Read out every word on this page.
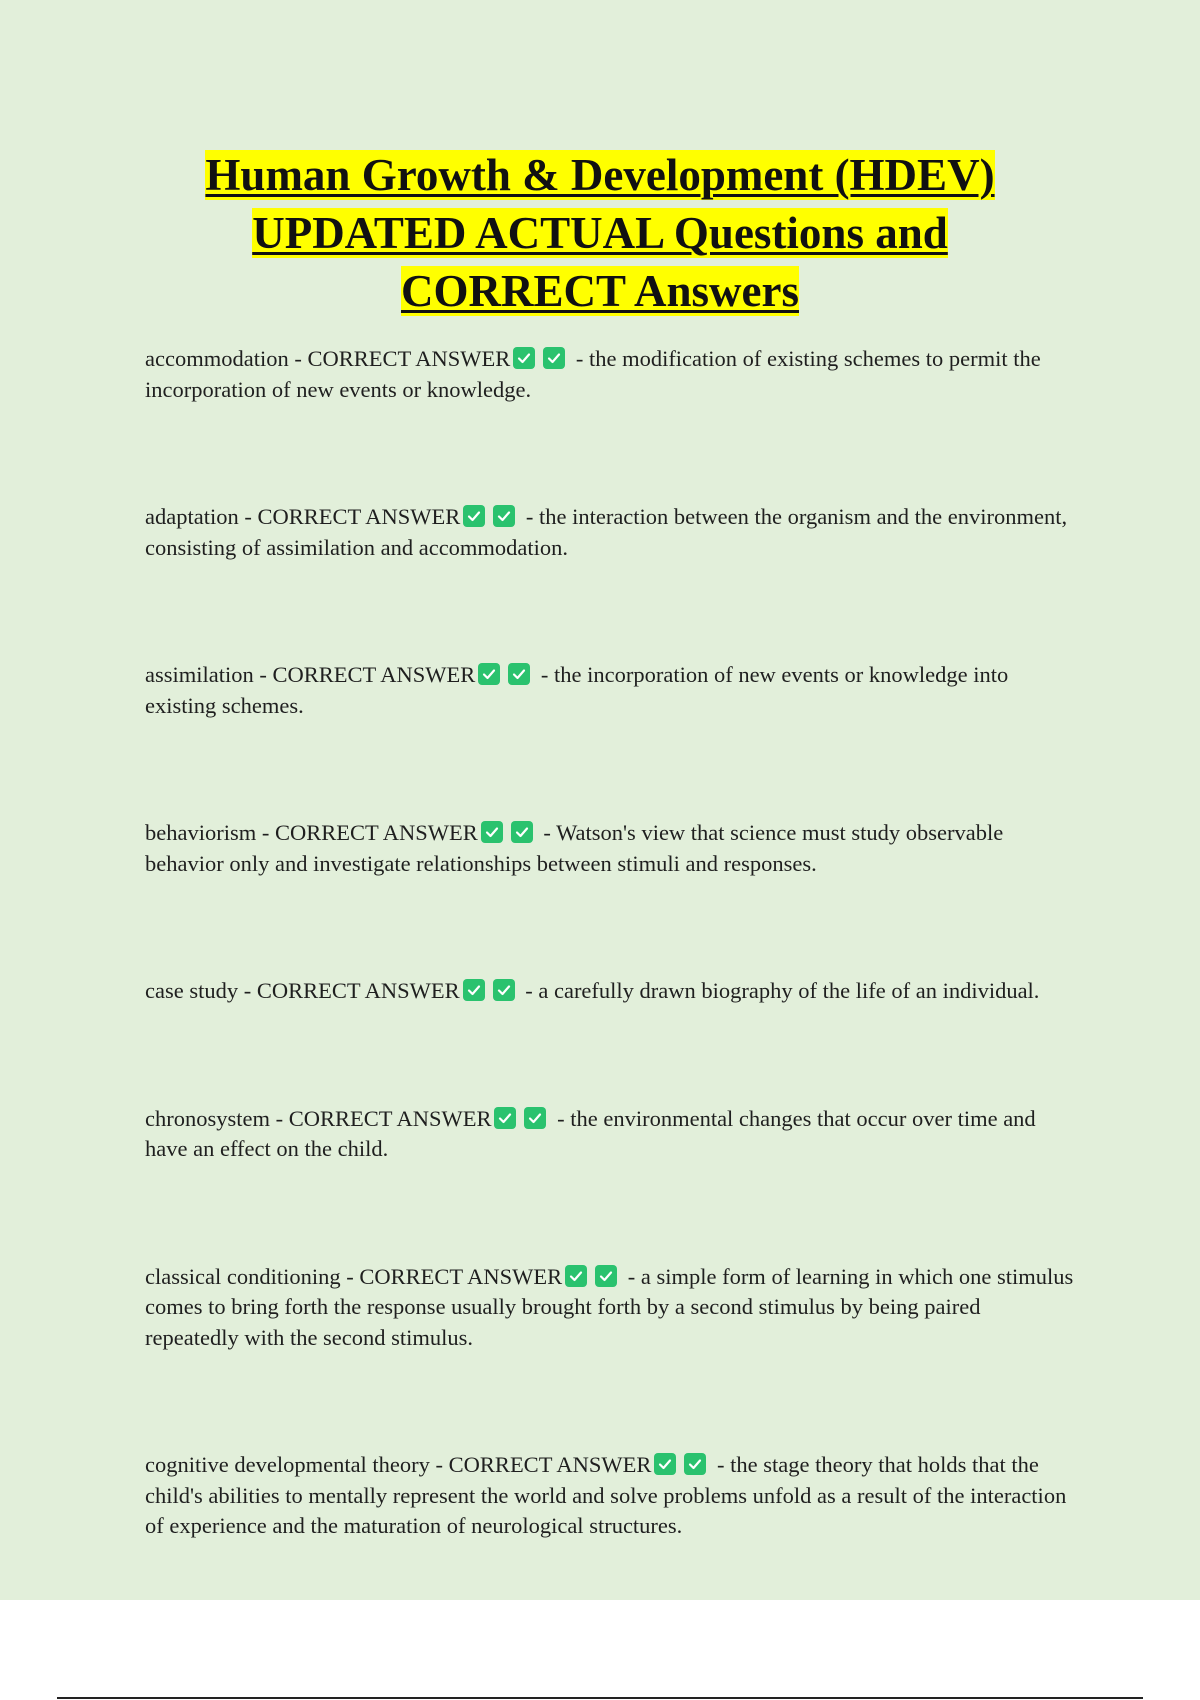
Human Growth & Development (HDEV)
UPDATED ACTUAL Questions and
CORRECT Answers

accommodation - CORRECT ANSWER	- the modification of existing schemes to permit the incorporation of new events or knowledge.

adaptation - CORRECT ANSWER	- the interaction between the organism and the environment, consisting of assimilation and accommodation.

assimilation - CORRECT ANSWER	- the incorporation of new events or knowledge into existing schemes.

behaviorism - CORRECT ANSWER	- Watson's view that science must study observable behavior only and investigate relationships between stimuli and responses.

case study - CORRECT ANSWER	- a carefully drawn biography of the life of an individual.

chronosystem - CORRECT ANSWER	- the environmental changes that occur over time and have an effect on the child.

classical conditioning - CORRECT ANSWER	- a simple form of learning in which one stimulus comes to bring forth the response usually brought forth by a second stimulus by being paired repeatedly with the second stimulus.

cognitive developmental theory - CORRECT ANSWER	- the stage theory that holds that the child's abilities to mentally represent the world and solve problems unfold as a result of the interaction of experience and the maturation of neurological structures.
